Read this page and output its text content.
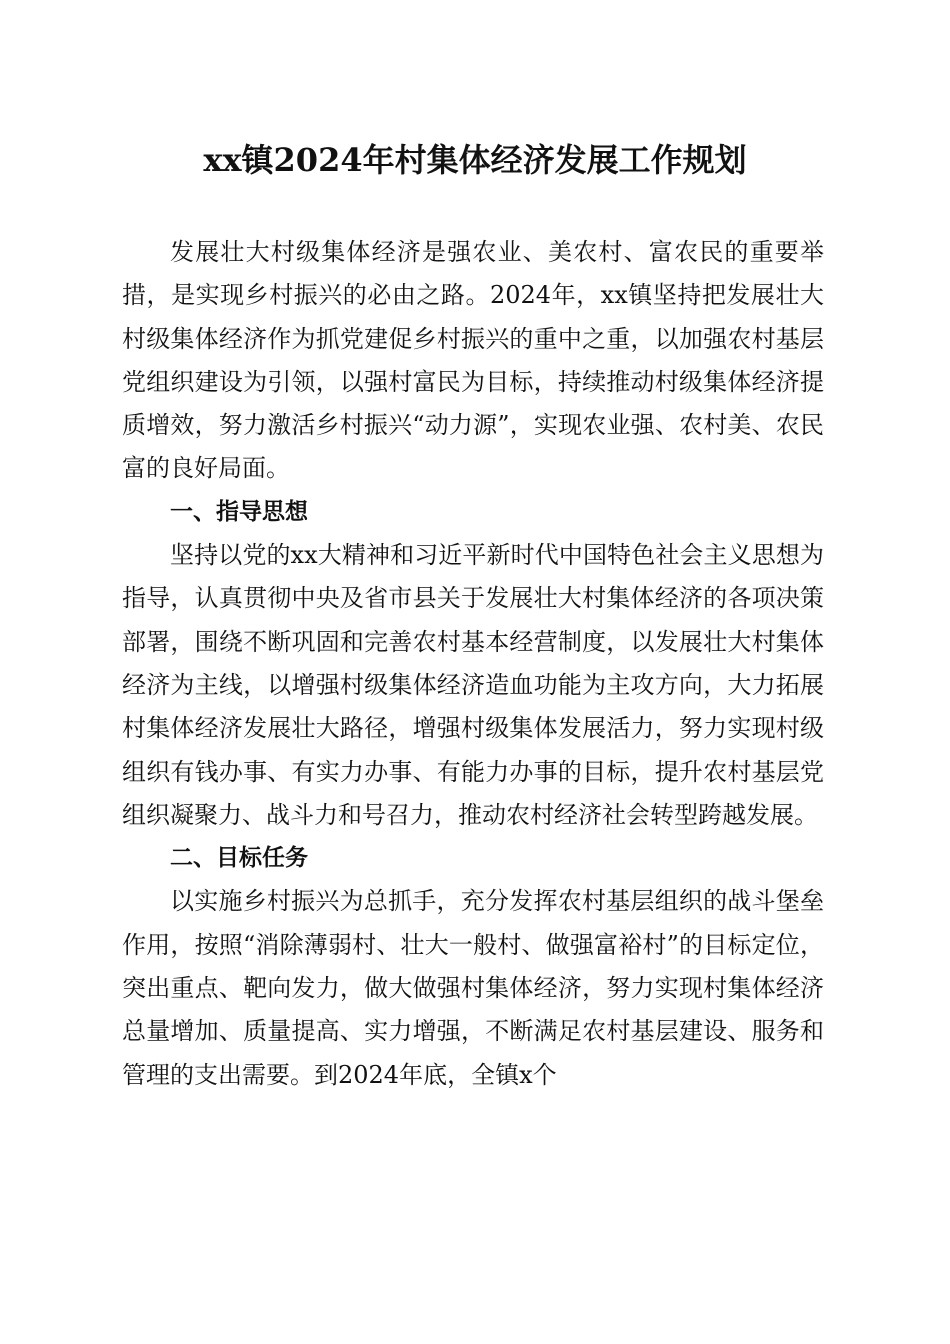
xx镇2024年村集体经济发展工作规划

发展壮大村级集体经济是强农业、美农村、富农民的重要举措，是实现乡村振兴的必由之路。2024年，xx镇坚持把发展壮大村级集体经济作为抓党建促乡村振兴的重中之重，以加强农村基层党组织建设为引领，以强村富民为目标，持续推动村级集体经济提质增效，努力激活乡村振兴“动力源”，实现农业强、农村美、农民富的良好局面。

一、指导思想

坚持以党的xx大精神和习近平新时代中国特色社会主义思想为指导，认真贯彻中央及省市县关于发展壮大村集体经济的各项决策部署，围绕不断巩固和完善农村基本经营制度，以发展壮大村集体经济为主线，以增强村级集体经济造血功能为主攻方向，大力拓展村集体经济发展壮大路径，增强村级集体发展活力，努力实现村级组织有钱办事、有实力办事、有能力办事的目标，提升农村基层党组织凝聚力、战斗力和号召力，推动农村经济社会转型跨越发展。

二、目标任务

以实施乡村振兴为总抓手，充分发挥农村基层组织的战斗堡垒作用，按照“消除薄弱村、壮大一般村、做强富裕村”的目标定位，突出重点、靶向发力，做大做强村集体经济，努力实现村集体经济总量增加、质量提高、实力增强，不断满足农村基层建设、服务和管理的支出需要。到2024年底，全镇x个
